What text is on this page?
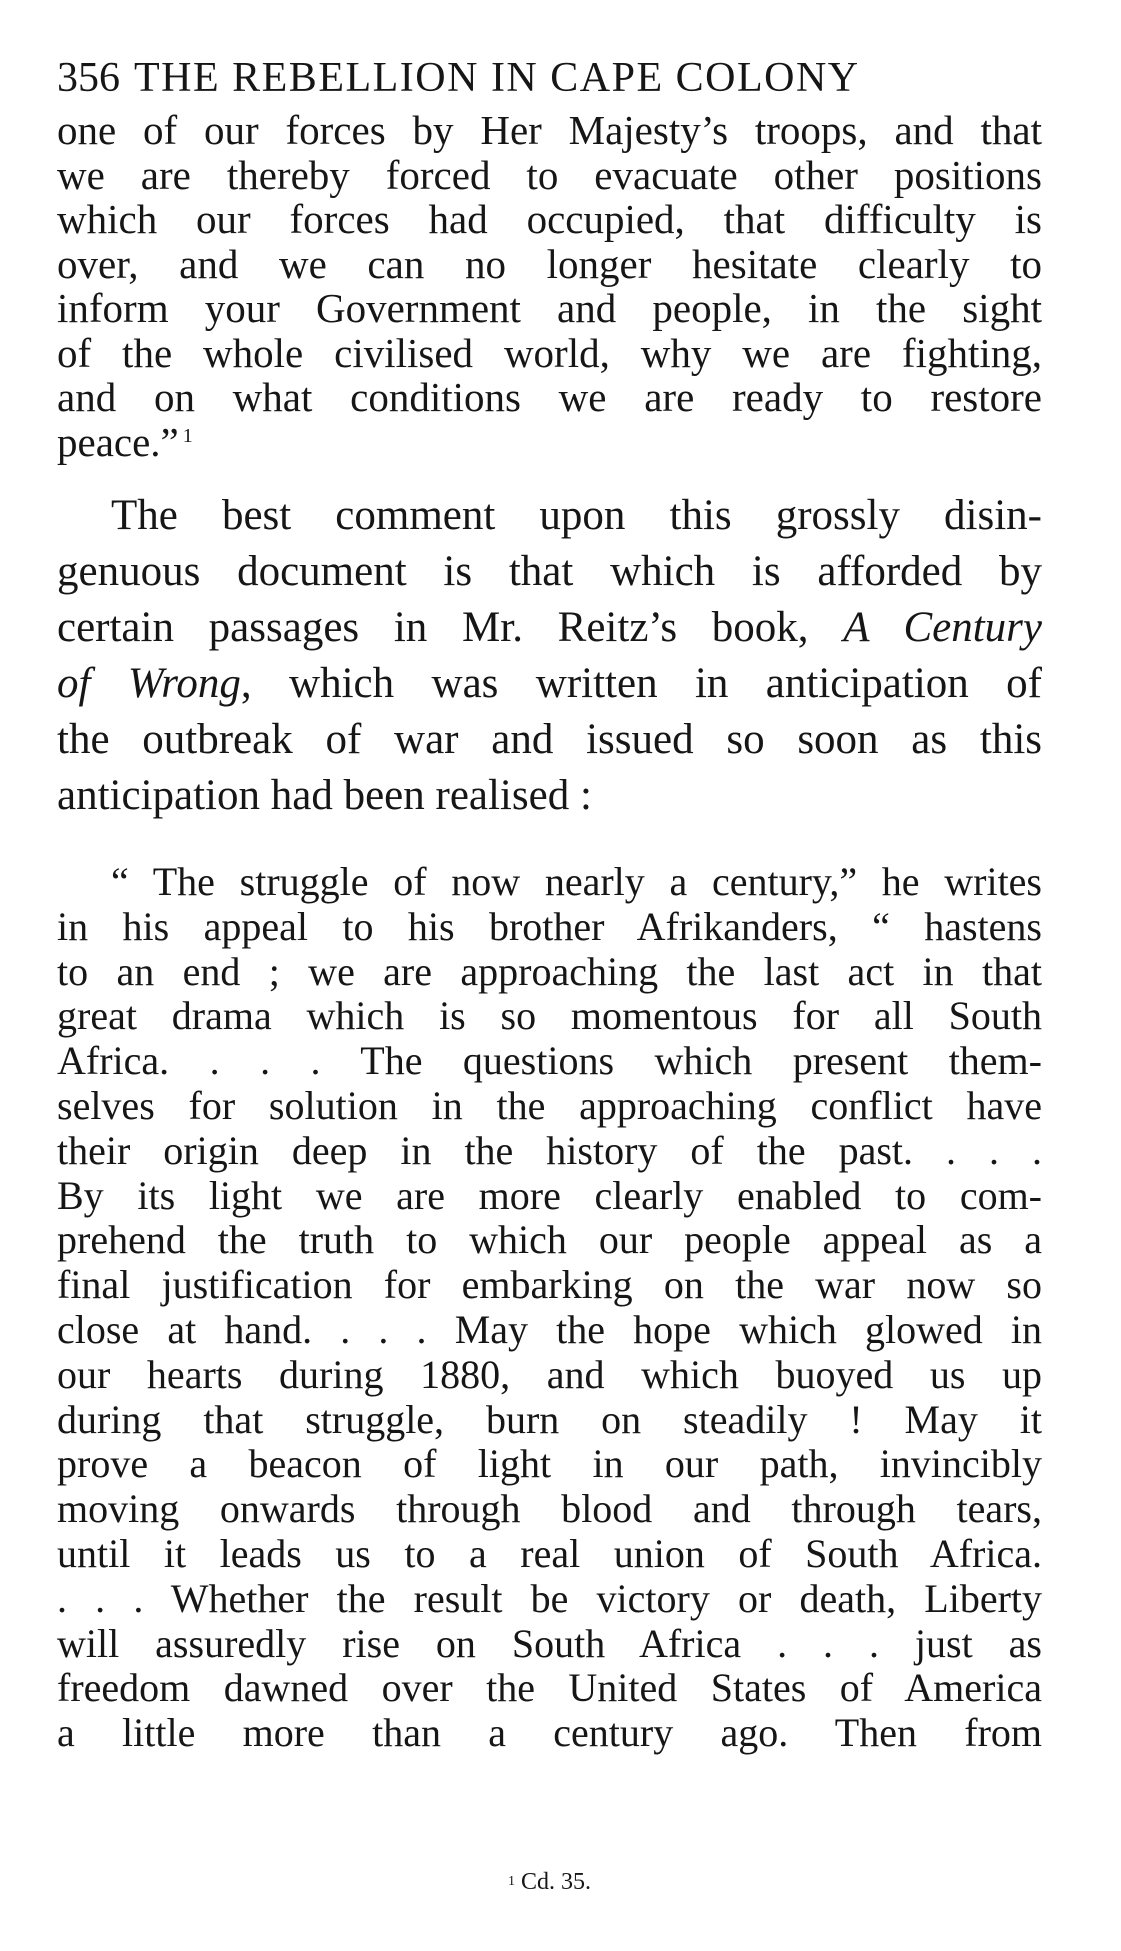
356 THE REBELLION IN CAPE COLONY

one of our forces by Her Majesty’s troops, and that
we are thereby forced to evacuate other positions
which our forces had occupied, that difficulty is
over, and we can no longer hesitate clearly to
inform your Government and people, in the sight
of the whole civilised world, why we are fighting,
and on what conditions we are ready to restore
peace.” $^1$

The best comment upon this grossly disin-
genuous document is that which is afforded by
certain passages in Mr. Reitz’s book, A Century
of Wrong, which was written in anticipation of
the outbreak of war and issued so soon as this
anticipation had been realised :

“ The struggle of now nearly a century,” he writes
in his appeal to his brother Afrikanders, “ hastens
to an end ; we are approaching the last act in that
great drama which is so momentous for all South
Africa. . . . The questions which present them-
selves for solution in the approaching conflict have
their origin deep in the history of the past. . . .
By its light we are more clearly enabled to com-
prehend the truth to which our people appeal as a
final justification for embarking on the war now so
close at hand. . . . May the hope which glowed in
our hearts during 1880, and which buoyed us up
during that struggle, burn on steadily ! May it
prove a beacon of light in our path, invincibly
moving onwards through blood and through tears,
until it leads us to a real union of South Africa.
. . . Whether the result be victory or death, Liberty
will assuredly rise on South Africa . . . just as
freedom dawned over the United States of America
a little more than a century ago. Then from

$^1$ Cd. 35.
